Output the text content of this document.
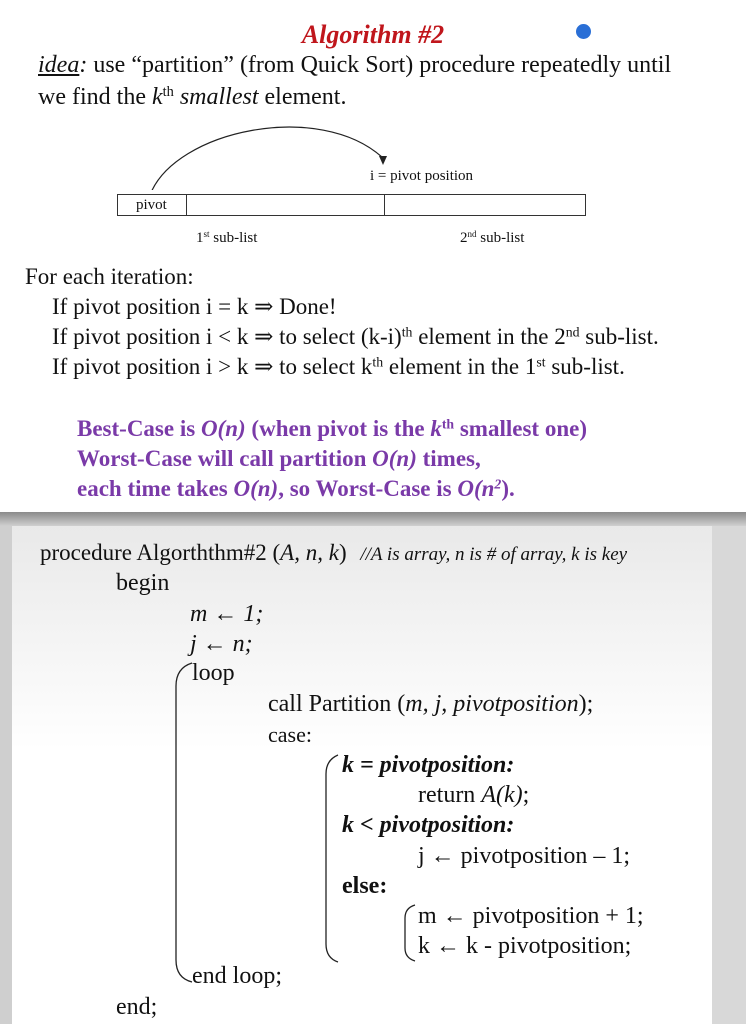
Algorithm #2
idea: use “partition” (from Quick Sort) procedure repeatedly until
we find the $k^{th}$ smallest element.
i = pivot position
pivot
1st sub-list	2nd sub-list
For each iteration:
If pivot position i = k ⇒ Done!
If pivot position i < k ⇒ to select $(k-i)^{th}$ element in the 2nd sub-list.
If pivot position i > k ⇒ to select $k^{th}$ element in the 1st sub-list.
Best-Case is O(n) (when pivot is the $k^{th}$ smallest one)
Worst-Case will call partition O(n) times,
each time takes O(n), so Worst-Case is $O(n^2)$.
procedure Algorththm#2 (A, n, k) //A is array, n is # of array, k is key
begin
m ← 1;
j ← n;
loop
call Partition (m, j, pivotposition);
case:
k = pivotposition:
return A(k);
k < pivotposition:
j ← pivotposition – 1;
else:
m ← pivotposition + 1;
k ← k - pivotposition;
end loop;
end;
